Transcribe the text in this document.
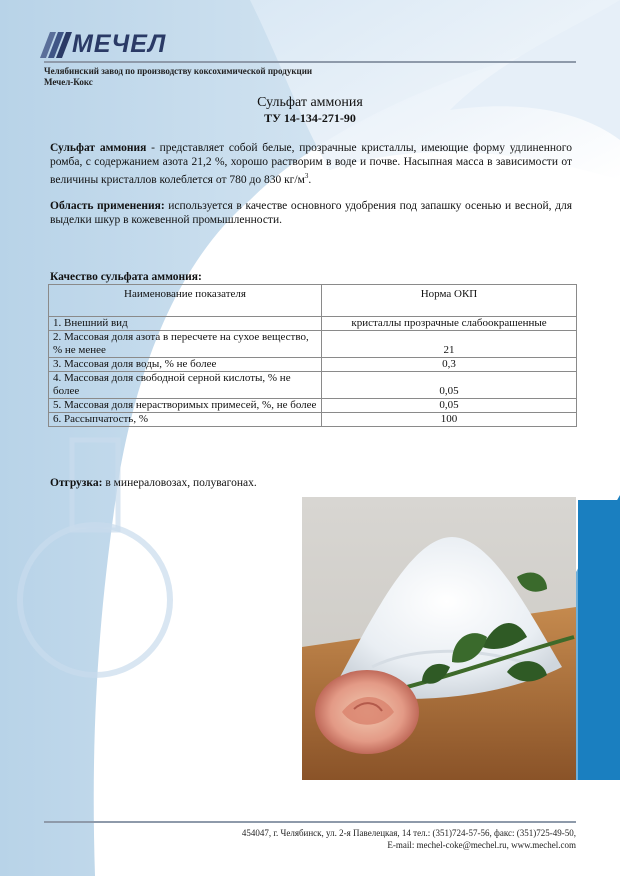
МЕЧЕЛ
Челябинский завод по производству коксохимической продукции
Мечел-Кокс
Сульфат аммония
ТУ 14-134-271-90
Сульфат аммония - представляет собой белые, прозрачные кристаллы, имеющие форму удлиненного ромба, с содержанием азота 21,2 %, хорошо растворим в воде и почве. Насыпная масса в зависимости от величины кристаллов колеблется от 780 до 830 $кг/м^3$.
Область применения: используется в качестве основного удобрения под запашку осенью и весной, для выделки шкур в кожевенной промышленности.
Качество сульфата аммония:
Наименование показателя	Норма ОКП
1. Внешний вид	кристаллы прозрачные слабоокрашенные
2. Массовая доля азота в пересчете на сухое вещество, % не менее	21
3. Массовая доля воды, % не более	0,3
4. Массовая доля свободной серной кислоты, % не более	0,05
5. Массовая доля нерастворимых примесей, %, не более	0,05
6. Рассыпчатость, %	100
Отгрузка: в минераловозах, полувагонах.
454047, г. Челябинск, ул. 2-я Павелецкая, 14 тел.: (351)724-57-56, факс: (351)725-49-50,
E-mail: mechel-coke@mechel.ru, www.mechel.com
